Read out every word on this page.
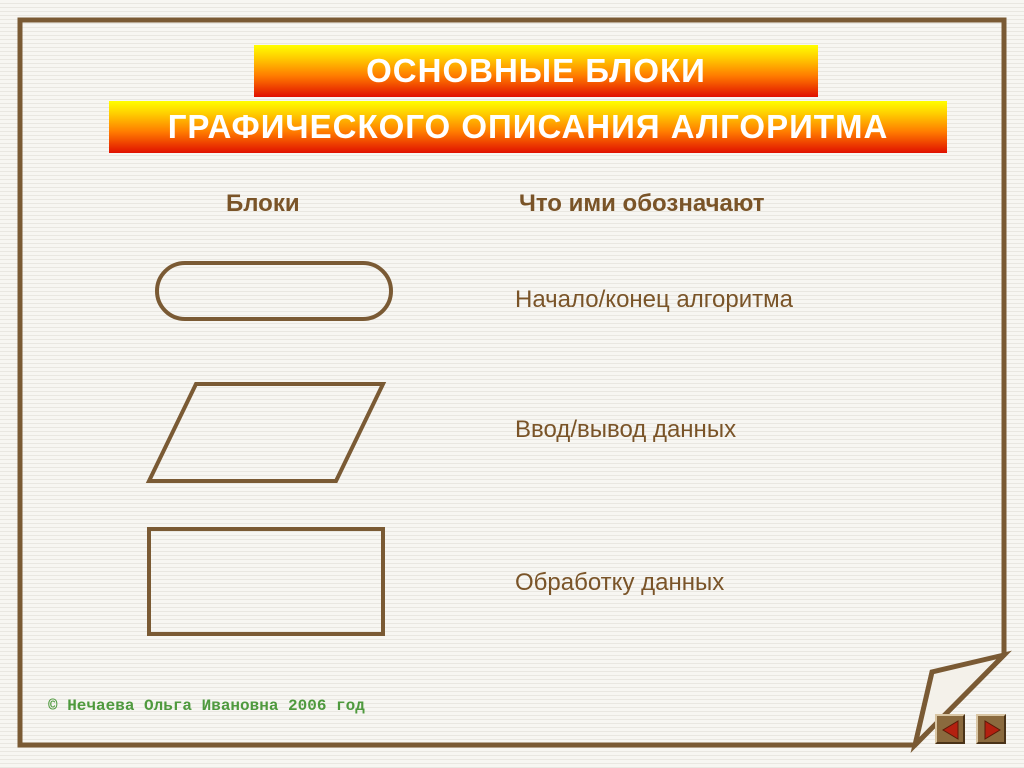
ОСНОВНЫЕ БЛОКИ
ГРАФИЧЕСКОГО ОПИСАНИЯ АЛГОРИТМА
Блоки	Что ими обозначают
Начало/конец алгоритма
Ввод/вывод данных
Обработку данных
© Нечаева Ольга Ивановна 2006 год
